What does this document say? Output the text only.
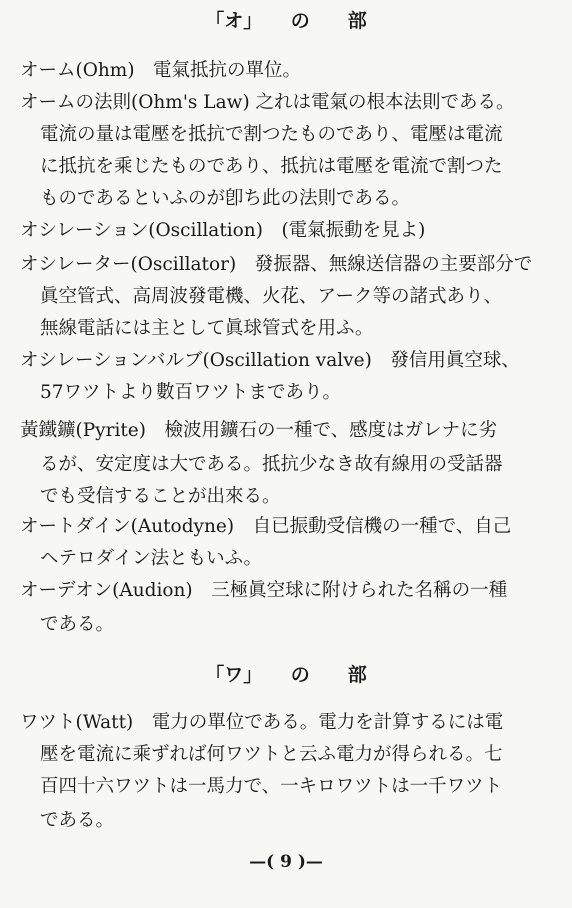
「オ」　　の　　部
オーム(Ohm)　電氣抵抗の單位。
オームの法則(Ohm's Law) 之れは電氣の根本法則である。
電流の量は電壓を抵抗で割つたものであり、電壓は電流
に抵抗を乘じたものであり、抵抗は電壓を電流で割つた
ものであるといふのが卽ち此の法則である。
オシレーション(Oscillation)　(電氣振動を見よ)
オシレーター(Oscillator)　發振器、無線送信器の主要部分で
眞空管式、高周波發電機、火花、アーク等の諸式あり、
無線電話には主として眞球管式を用ふ。
オシレーションバルブ(Oscillation valve)　發信用眞空球、
57ワツトより數百ワツトまであり。
黃鐵鑛(Pyrite)　檢波用鑛石の一種で、感度はガレナに劣
るが、安定度は大である。抵抗少なき故有線用の受話器
でも受信することが出來る。
オートダイン(Autodyne)　自已振動受信機の一種で、自己
ヘテロダイン法ともいふ。
オーデオン(Audion)　三極眞空球に附けられた名稱の一種
である。
「ワ」　　の　　部
ワツト(Watt)　電力の單位である。電力を計算するには電
壓を電流に乘ずれば何ワツトと云ふ電力が得られる。七
百四十六ワツトは一馬力で、一キロワツトは一千ワツト
である。
—( 9 )—
